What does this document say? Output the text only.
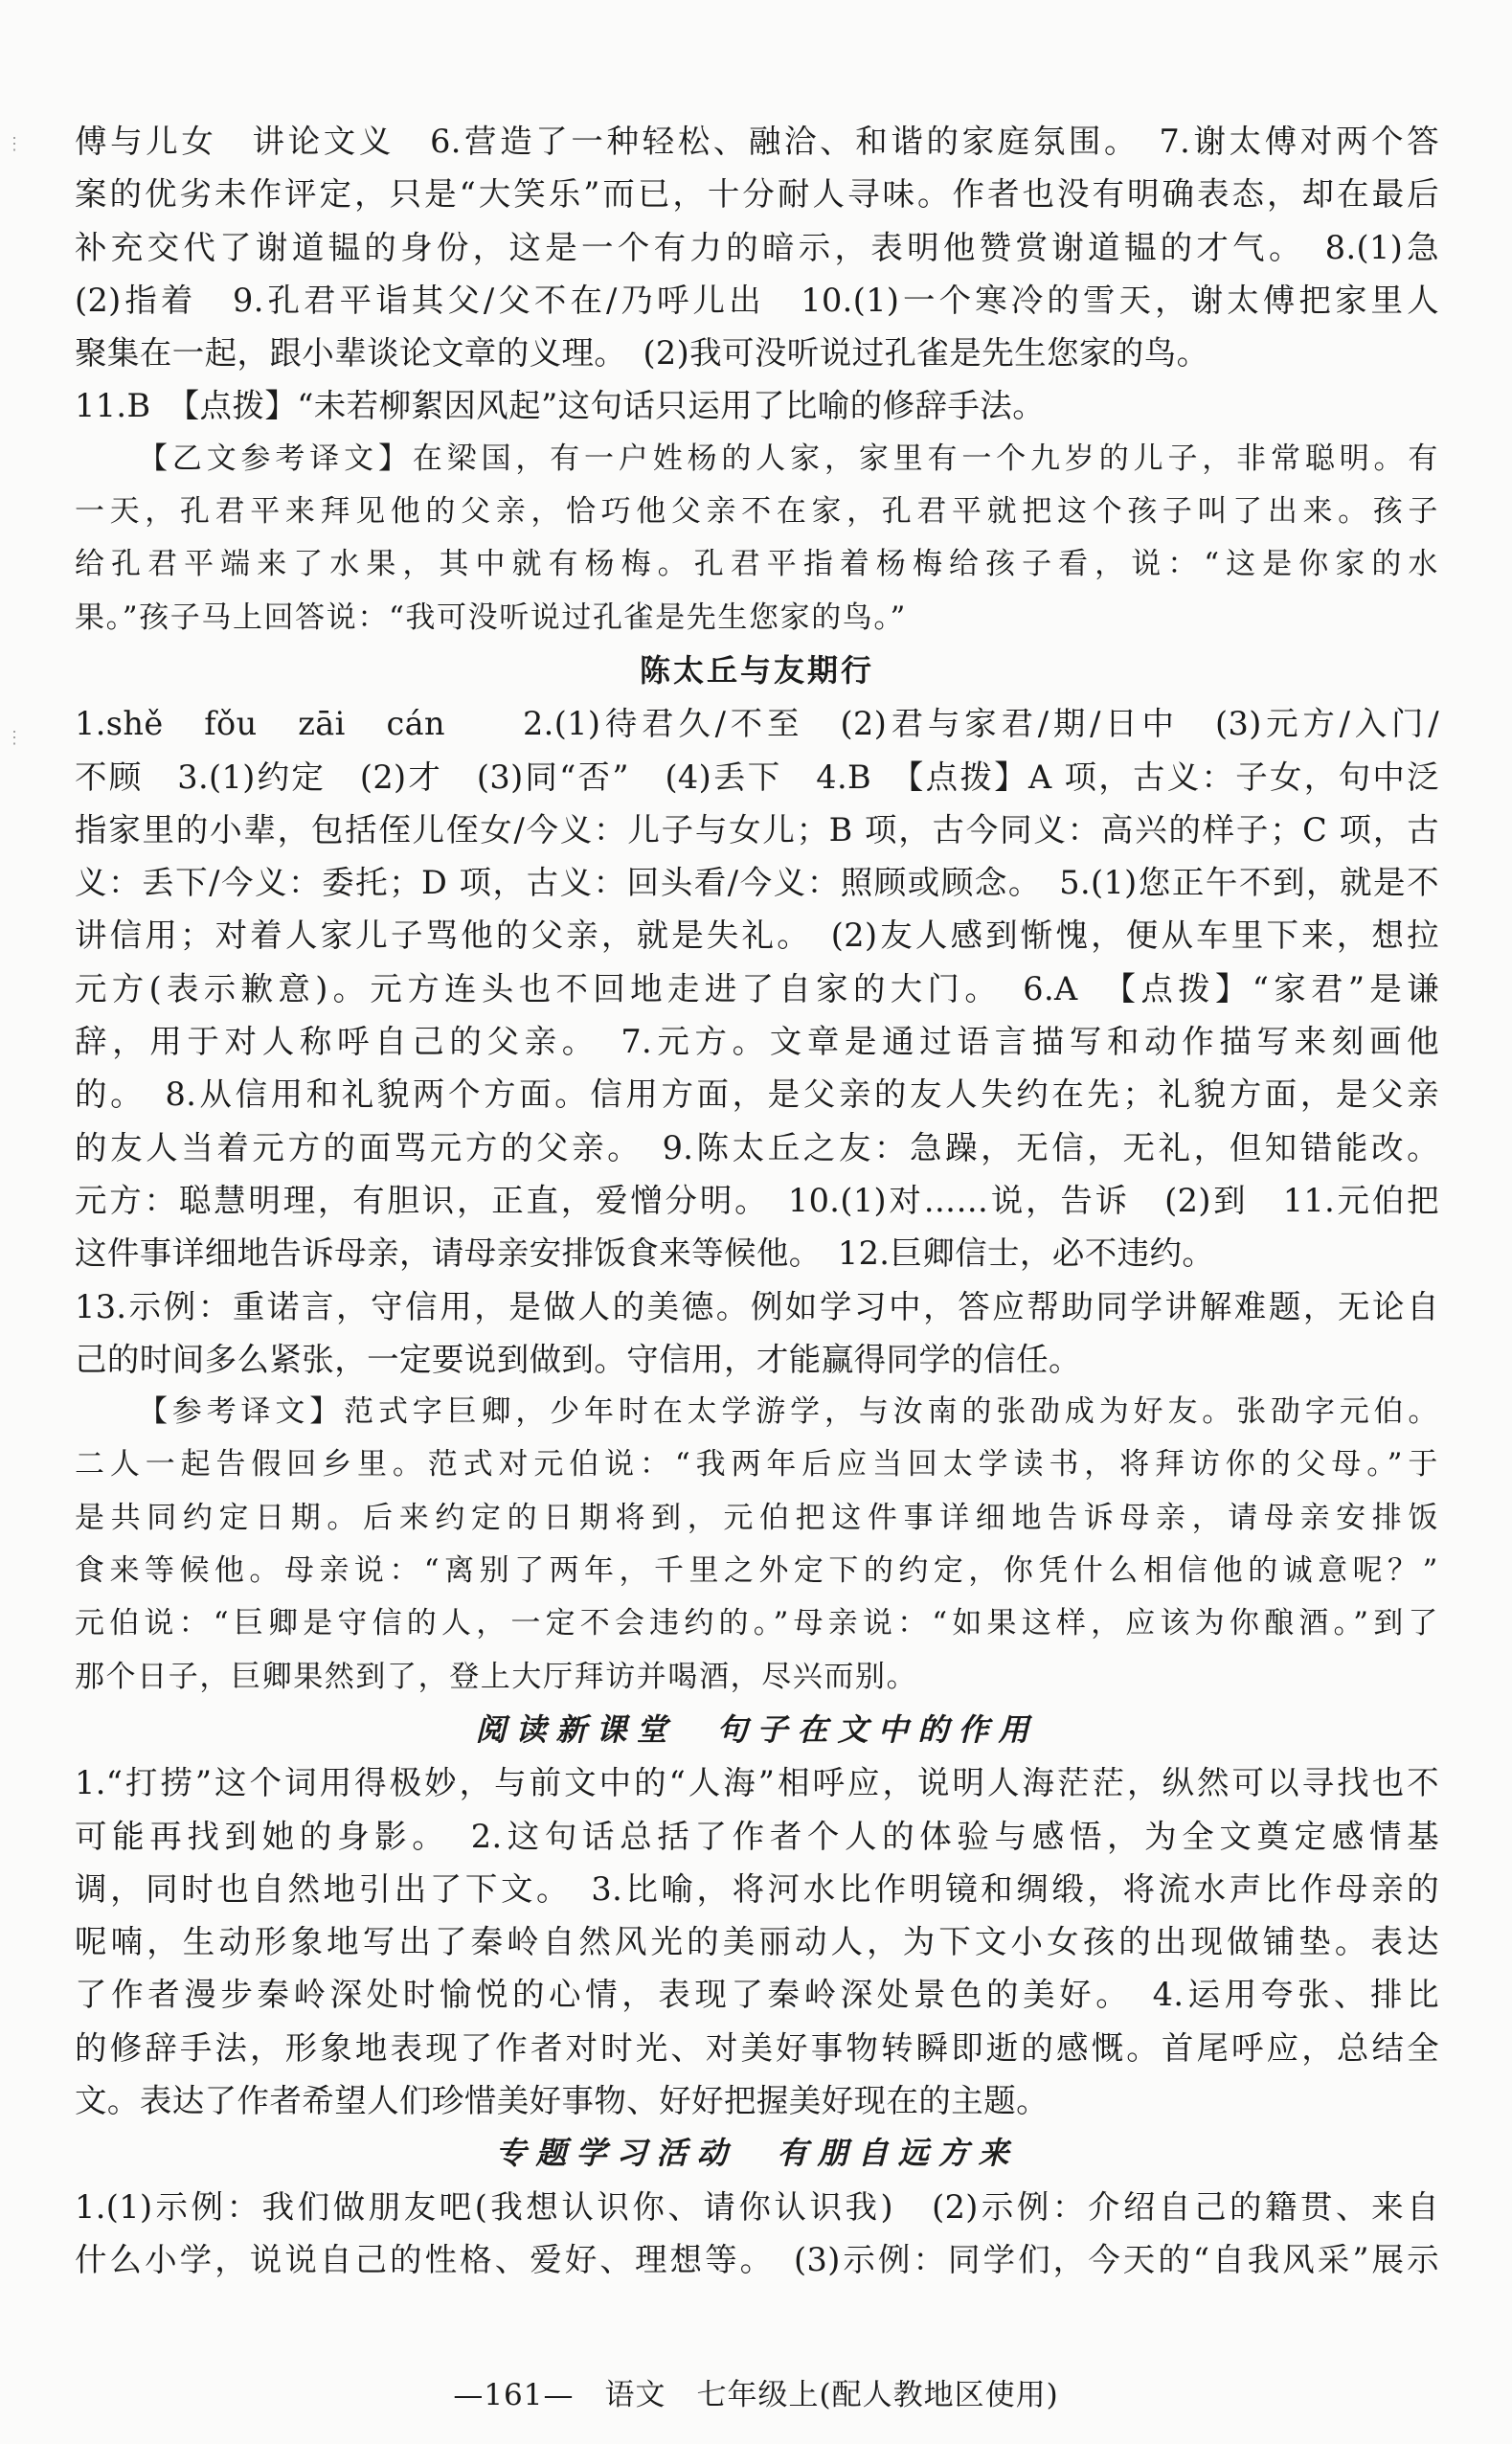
⋮
⋮
傅与儿女　讲论文义　6.营造了一种轻松、融洽、和谐的家庭氛围。　7.谢太傅对两个答
案的优劣未作评定，只是“大笑乐”而已，十分耐人寻味。作者也没有明确表态，却在最后
补充交代了谢道韫的身份，这是一个有力的暗示，表明他赞赏谢道韫的才气。　8.(1)急
(2)指着　9.孔君平诣其父/父不在/乃呼儿出　10.(1)一个寒冷的雪天，谢太傅把家里人
聚集在一起，跟小辈谈论文章的义理。　(2)我可没听说过孔雀是先生您家的鸟。
11.B　【点拨】“未若柳絮因风起”这句话只运用了比喻的修辞手法。
【乙文参考译文】在梁国，有一户姓杨的人家，家里有一个九岁的儿子，非常聪明。有
一天，孔君平来拜见他的父亲，恰巧他父亲不在家，孔君平就把这个孩子叫了出来。孩子
给孔君平端来了水果，其中就有杨梅。孔君平指着杨梅给孩子看，说：“这是你家的水
果。”孩子马上回答说：“我可没听说过孔雀是先生您家的鸟。”
陈太丘与友期行
1.shě　fǒu　zāi　cán　　2.(1)待君久/不至　(2)君与家君/期/日中　(3)元方/入门/
不顾　3.(1)约定　(2)才　(3)同“否”　(4)丢下　4.B　【点拨】A 项，古义：子女，句中泛
指家里的小辈，包括侄儿侄女/今义：儿子与女儿；B 项，古今同义：高兴的样子；C 项，古
义：丢下/今义：委托；D 项，古义：回头看/今义：照顾或顾念。　5.(1)您正午不到，就是不
讲信用；对着人家儿子骂他的父亲，就是失礼。　(2)友人感到惭愧，便从车里下来，想拉
元方(表示歉意)。元方连头也不回地走进了自家的大门。　6.A　【点拨】“家君”是谦
辞，用于对人称呼自己的父亲。　7.元方。文章是通过语言描写和动作描写来刻画他
的。　8.从信用和礼貌两个方面。信用方面，是父亲的友人失约在先；礼貌方面，是父亲
的友人当着元方的面骂元方的父亲。　9.陈太丘之友：急躁，无信，无礼，但知错能改。
元方：聪慧明理，有胆识，正直，爱憎分明。　10.(1)对……说，告诉　(2)到　11.元伯把
这件事详细地告诉母亲，请母亲安排饭食来等候他。　12.巨卿信士，必不违约。
13.示例：重诺言，守信用，是做人的美德。例如学习中，答应帮助同学讲解难题，无论自
己的时间多么紧张，一定要说到做到。守信用，才能赢得同学的信任。
【参考译文】范式字巨卿，少年时在太学游学，与汝南的张劭成为好友。张劭字元伯。
二人一起告假回乡里。范式对元伯说：“我两年后应当回太学读书，将拜访你的父母。”于
是共同约定日期。后来约定的日期将到，元伯把这件事详细地告诉母亲，请母亲安排饭
食来等候他。母亲说：“离别了两年，千里之外定下的约定，你凭什么相信他的诚意呢？”
元伯说：“巨卿是守信的人，一定不会违约的。”母亲说：“如果这样，应该为你酿酒。”到了
那个日子，巨卿果然到了，登上大厅拜访并喝酒，尽兴而别。
阅读新课堂　句子在文中的作用
1.“打捞”这个词用得极妙，与前文中的“人海”相呼应，说明人海茫茫，纵然可以寻找也不
可能再找到她的身影。　2.这句话总括了作者个人的体验与感悟，为全文奠定感情基
调，同时也自然地引出了下文。　3.比喻，将河水比作明镜和绸缎，将流水声比作母亲的
呢喃，生动形象地写出了秦岭自然风光的美丽动人，为下文小女孩的出现做铺垫。表达
了作者漫步秦岭深处时愉悦的心情，表现了秦岭深处景色的美好。　4.运用夸张、排比
的修辞手法，形象地表现了作者对时光、对美好事物转瞬即逝的感慨。首尾呼应，总结全
文。表达了作者希望人们珍惜美好事物、好好把握美好现在的主题。
专题学习活动　有朋自远方来
1.(1)示例：我们做朋友吧(我想认识你、请你认识我)　(2)示例：介绍自己的籍贯、来自
什么小学，说说自己的性格、爱好、理想等。　(3)示例：同学们，今天的“自我风采”展示
—161—　语文　七年级上(配人教地区使用)
